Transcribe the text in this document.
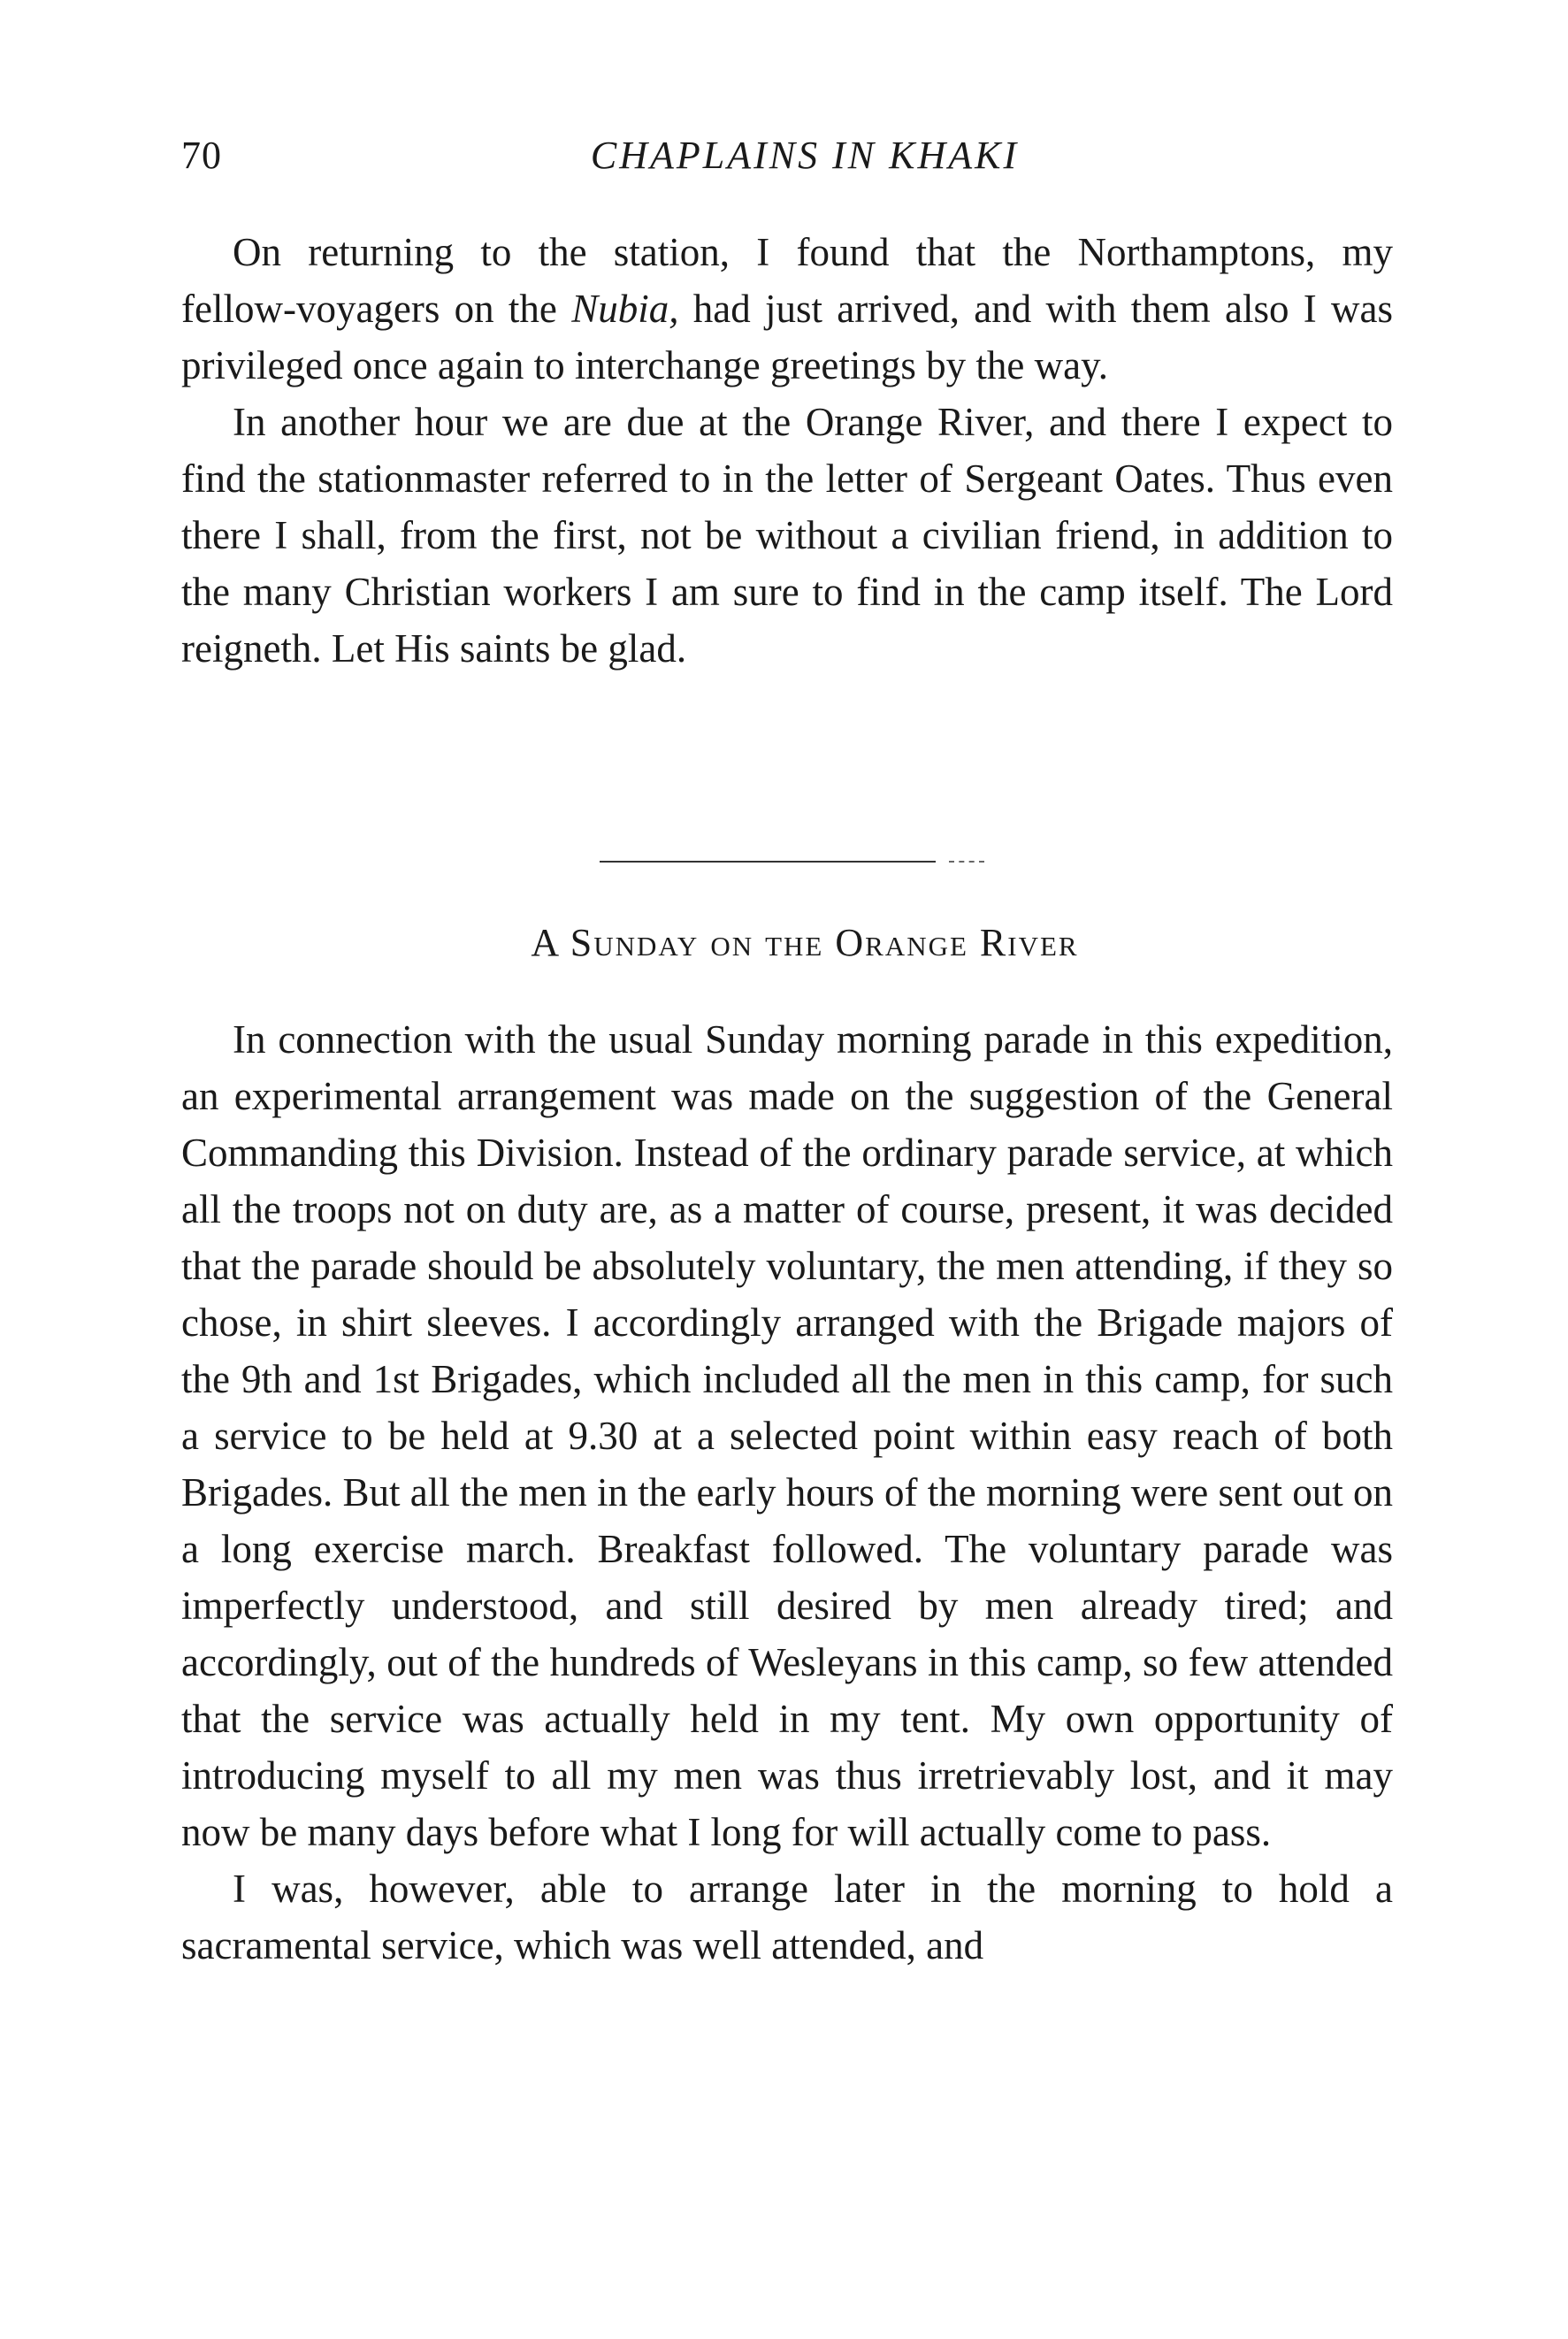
70	CHAPLAINS IN KHAKI

On returning to the station, I found that the Northamptons, my fellow‑voyagers on the Nubia, had just arrived, and with them also I was privileged once again to interchange greetings by the way.

In another hour we are due at the Orange River, and there I expect to find the stationmaster referred to in the letter of Sergeant Oates. Thus even there I shall, from the first, not be without a civilian friend, in addition to the many Christian workers I am sure to find in the camp itself. The Lord reigneth. Let His saints be glad.

A Sunday on the Orange River

In connection with the usual Sunday morning parade in this expedition, an experimental arrangement was made on the suggestion of the General Commanding this Division. Instead of the ordinary parade service, at which all the troops not on duty are, as a matter of course, present, it was decided that the parade should be absolutely voluntary, the men attending, if they so chose, in shirt sleeves. I accordingly arranged with the Brigade majors of the 9th and 1st Brigades, which included all the men in this camp, for such a service to be held at 9.30 at a selected point within easy reach of both Brigades. But all the men in the early hours of the morning were sent out on a long exercise march. Breakfast followed. The voluntary parade was imperfectly understood, and still desired by men already tired; and accordingly, out of the hundreds of Wesleyans in this camp, so few attended that the service was actually held in my tent. My own opportunity of introducing myself to all my men was thus irretrievably lost, and it may now be many days before what I long for will actually come to pass.

I was, however, able to arrange later in the morning to hold a sacramental service, which was well attended, and
